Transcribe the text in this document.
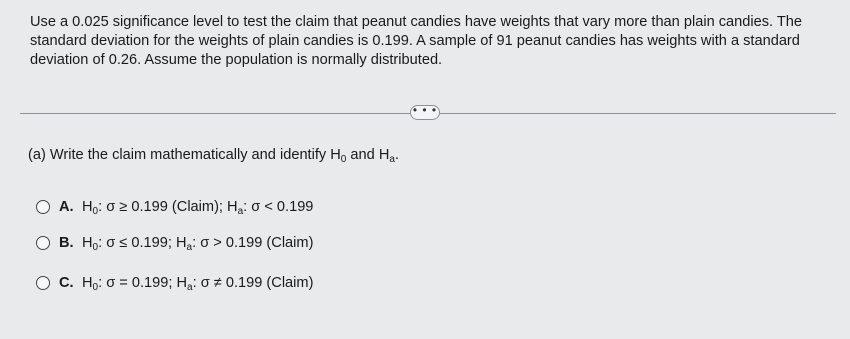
Use a 0.025 significance level to test the claim that peanut candies have weights that vary more than plain candies. The standard deviation for the weights of plain candies is 0.199. A sample of 91 peanut candies has weights with a standard deviation of 0.26. Assume the population is normally distributed.

• • •

(a) Write the claim mathematically and identify $H_0$ and $H_a$.

A. $H_0$: σ ≥ 0.199 (Claim); $H_a$: σ < 0.199
B. $H_0$: σ ≤ 0.199; $H_a$: σ > 0.199 (Claim)
C. $H_0$: σ = 0.199; $H_a$: σ ≠ 0.199 (Claim)
